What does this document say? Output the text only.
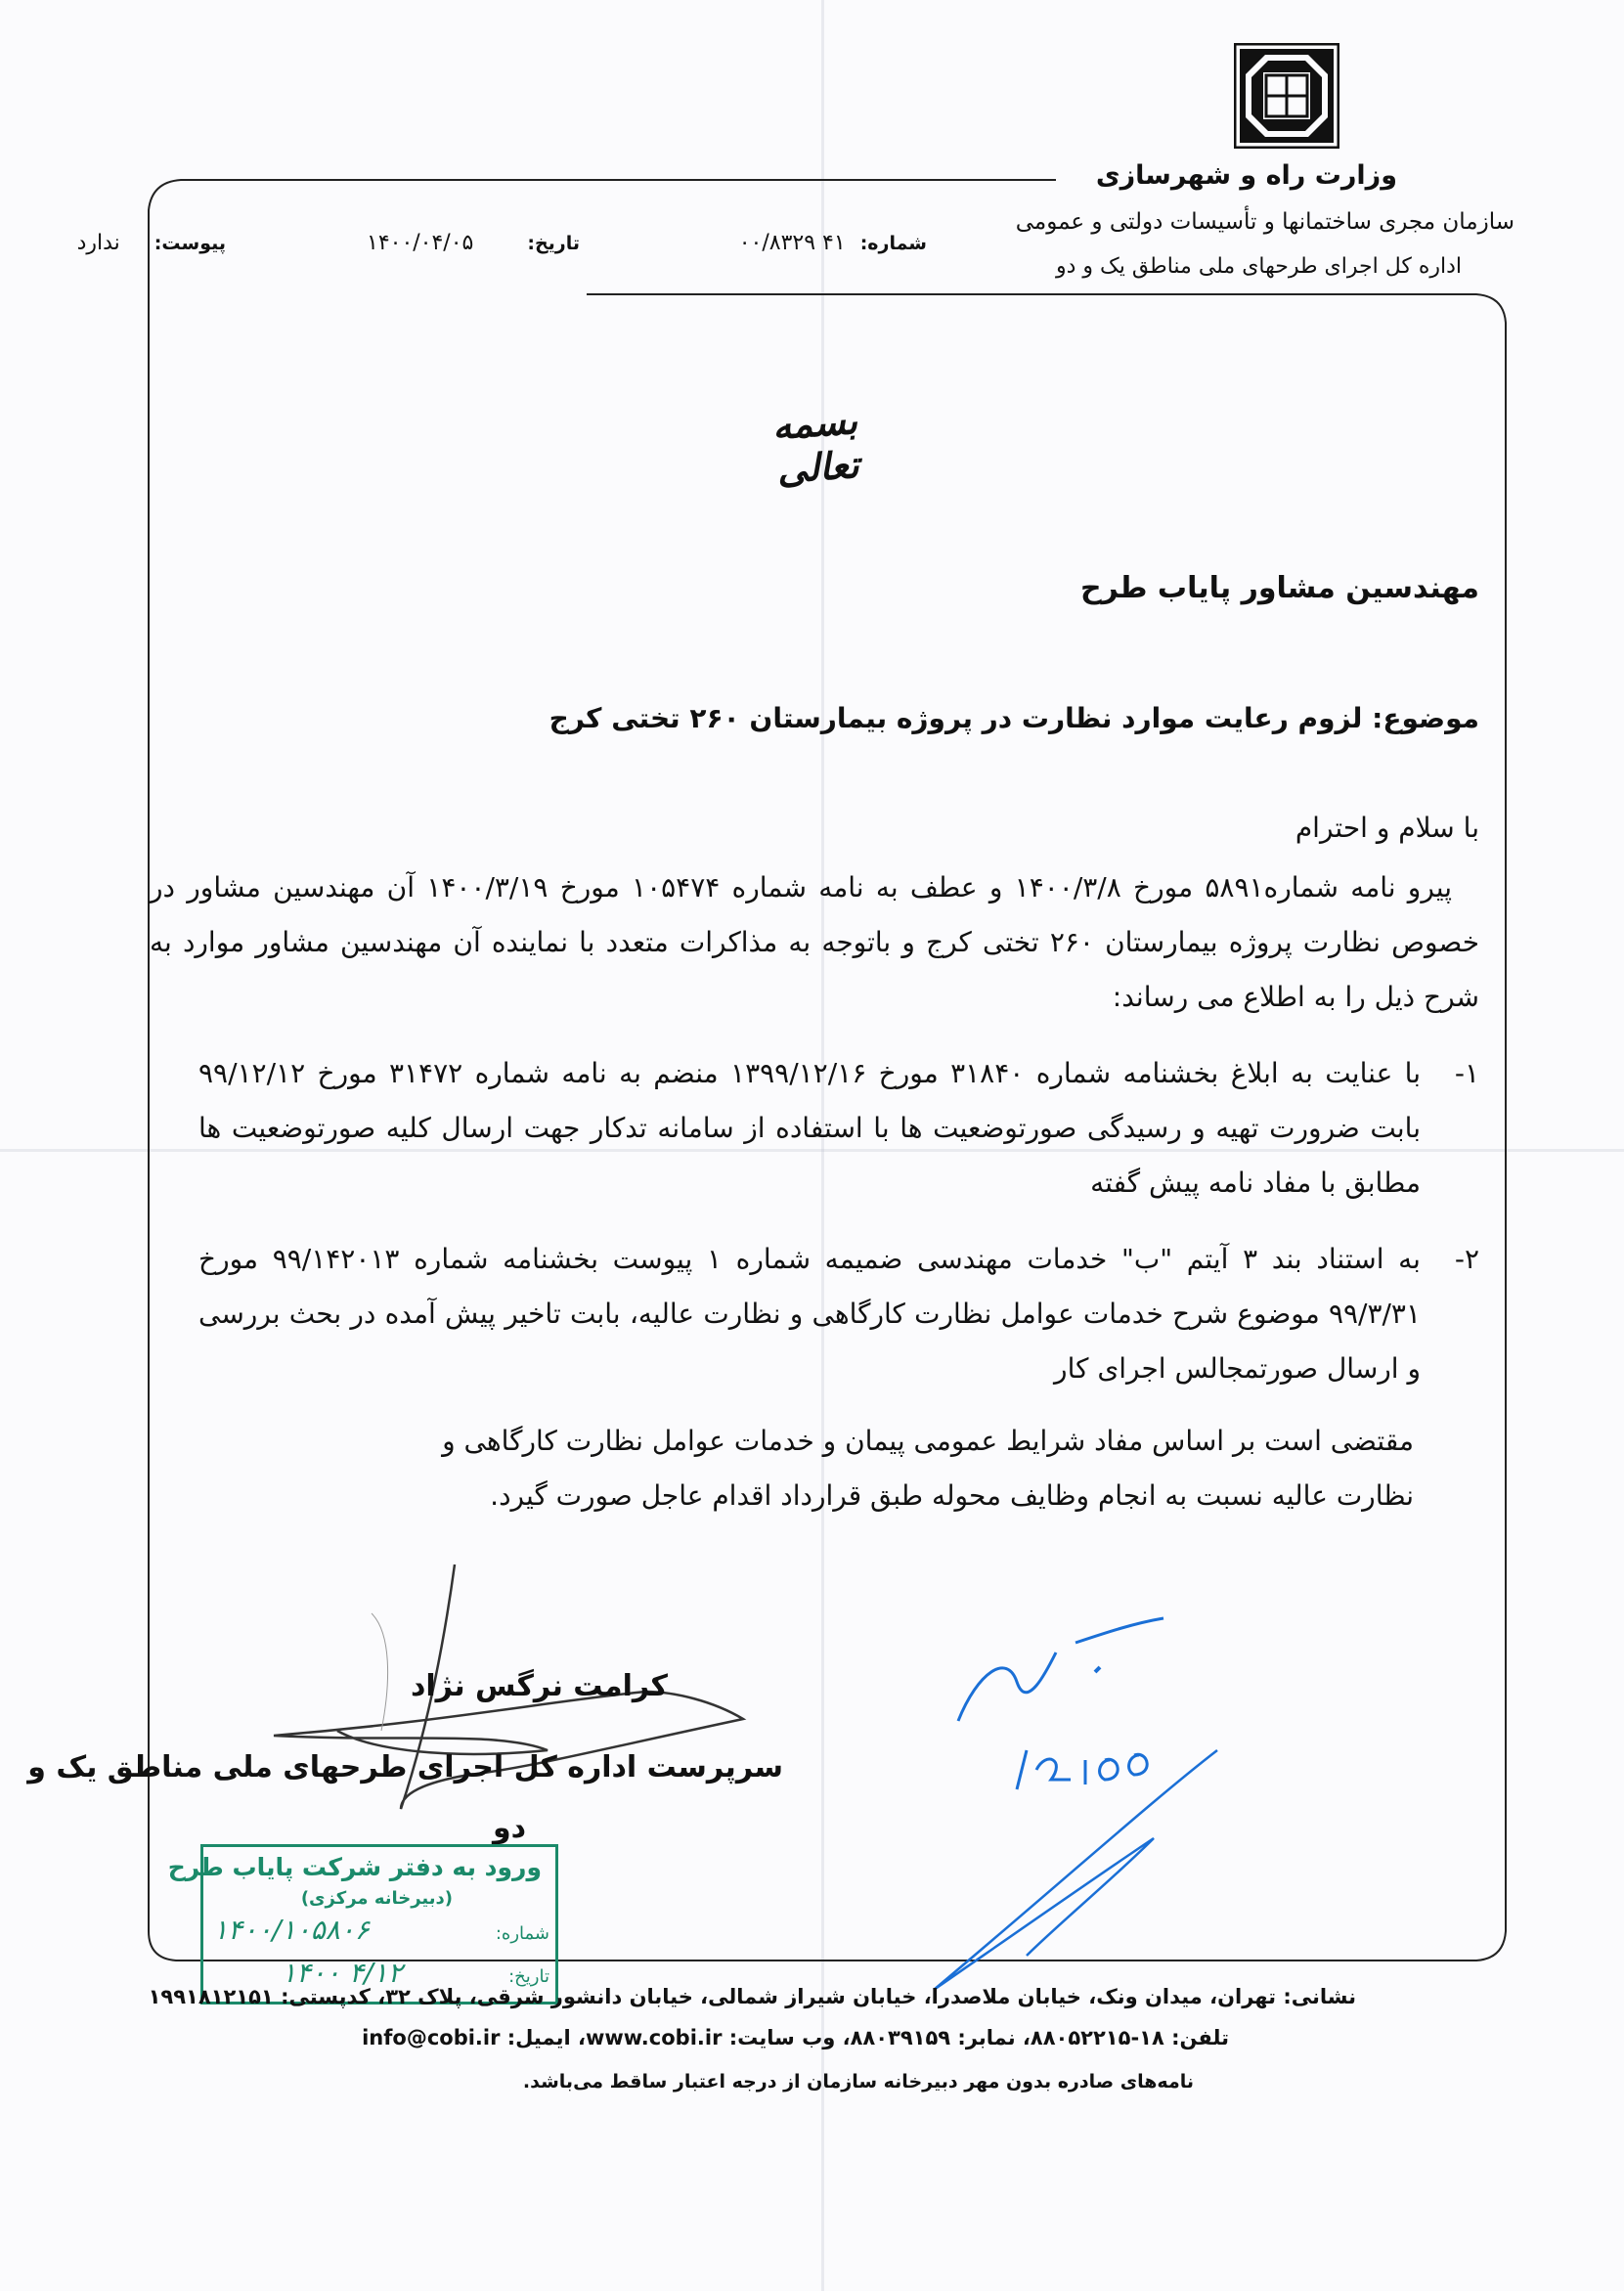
وزارت راه و شهرسازی
سازمان مجری ساختمانها و تأسیسات دولتی و عمومی
اداره کل اجرای طرحهای ملی مناطق یک و دو
شماره: ۴۱ ۰۰/۸۳۲۹
تاریخ: ۱۴۰۰/۰۴/۰۵
پیوست: ندارد
بسمه تعالی
مهندسین مشاور پایاب طرح
موضوع: لزوم رعایت موارد نظارت در پروژه بیمارستان ۲۶۰ تختی کرج
با سلام و احترام
پیرو نامه شماره۵۸۹۱ مورخ ۱۴۰۰/۳/۸ و عطف به نامه شماره ۱۰۵۴۷۴ مورخ ۱۴۰۰/۳/۱۹ آن مهندسین مشاور در خصوص نظارت پروژه بیمارستان ۲۶۰ تختی کرج و باتوجه به مذاکرات متعدد با نماینده آن مهندسین مشاور موارد به شرح ذیل را به اطلاع می رساند:
۱-
با عنایت به ابلاغ بخشنامه شماره ۳۱۸۴۰ مورخ ۱۳۹۹/۱۲/۱۶ منضم به نامه شماره ۳۱۴۷۲ مورخ ۹۹/۱۲/۱۲ بابت ضرورت تهیه و رسیدگی صورتوضعیت ها با استفاده از سامانه تدکار جهت ارسال کلیه صورتوضعیت ها مطابق با مفاد نامه پیش گفته
۲-
به استناد بند ۳ آیتم "ب" خدمات مهندسی ضمیمه شماره ۱ پیوست بخشنامه شماره ۹۹/۱۴۲۰۱۳ مورخ ۹۹/۳/۳۱ موضوع شرح خدمات عوامل نظارت کارگاهی و نظارت عالیه، بابت تاخیر پیش آمده در بحث بررسی و ارسال صورتمجالس اجرای کار
مقتضی است بر اساس مفاد شرایط عمومی پیمان و خدمات عوامل نظارت کارگاهی و نظارت عالیه نسبت به انجام وظایف محوله طبق قرارداد اقدام عاجل صورت گیرد.
کرامت نرگس نژاد
سرپرست اداره کل اجرای طرحهای ملی مناطق یک و
دو
ورود به دفتر شرکت پایاب طرح
(دبیرخانه مرکزی)
شماره:
۱۴۰۰/۱۰۵۸۰۶
تاریخ:
۱۴۰۰ ۴/۱۲
نشانی: تهران، میدان ونک، خیابان ملاصدرا، خیابان شیراز شمالی، خیابان دانشور شرقی، پلاک ۳۲، کدپستی: ۱۹۹۱۸۱۲۱۵۱
تلفن: ۱۸-۸۸۰۵۲۲۱۵، نمابر: ۸۸۰۳۹۱۵۹، وب سایت: www.cobi.ir، ایمیل: info@cobi.ir
نامه‌های صادره بدون مهر دبیرخانه سازمان از درجه اعتبار ساقط می‌باشد.
